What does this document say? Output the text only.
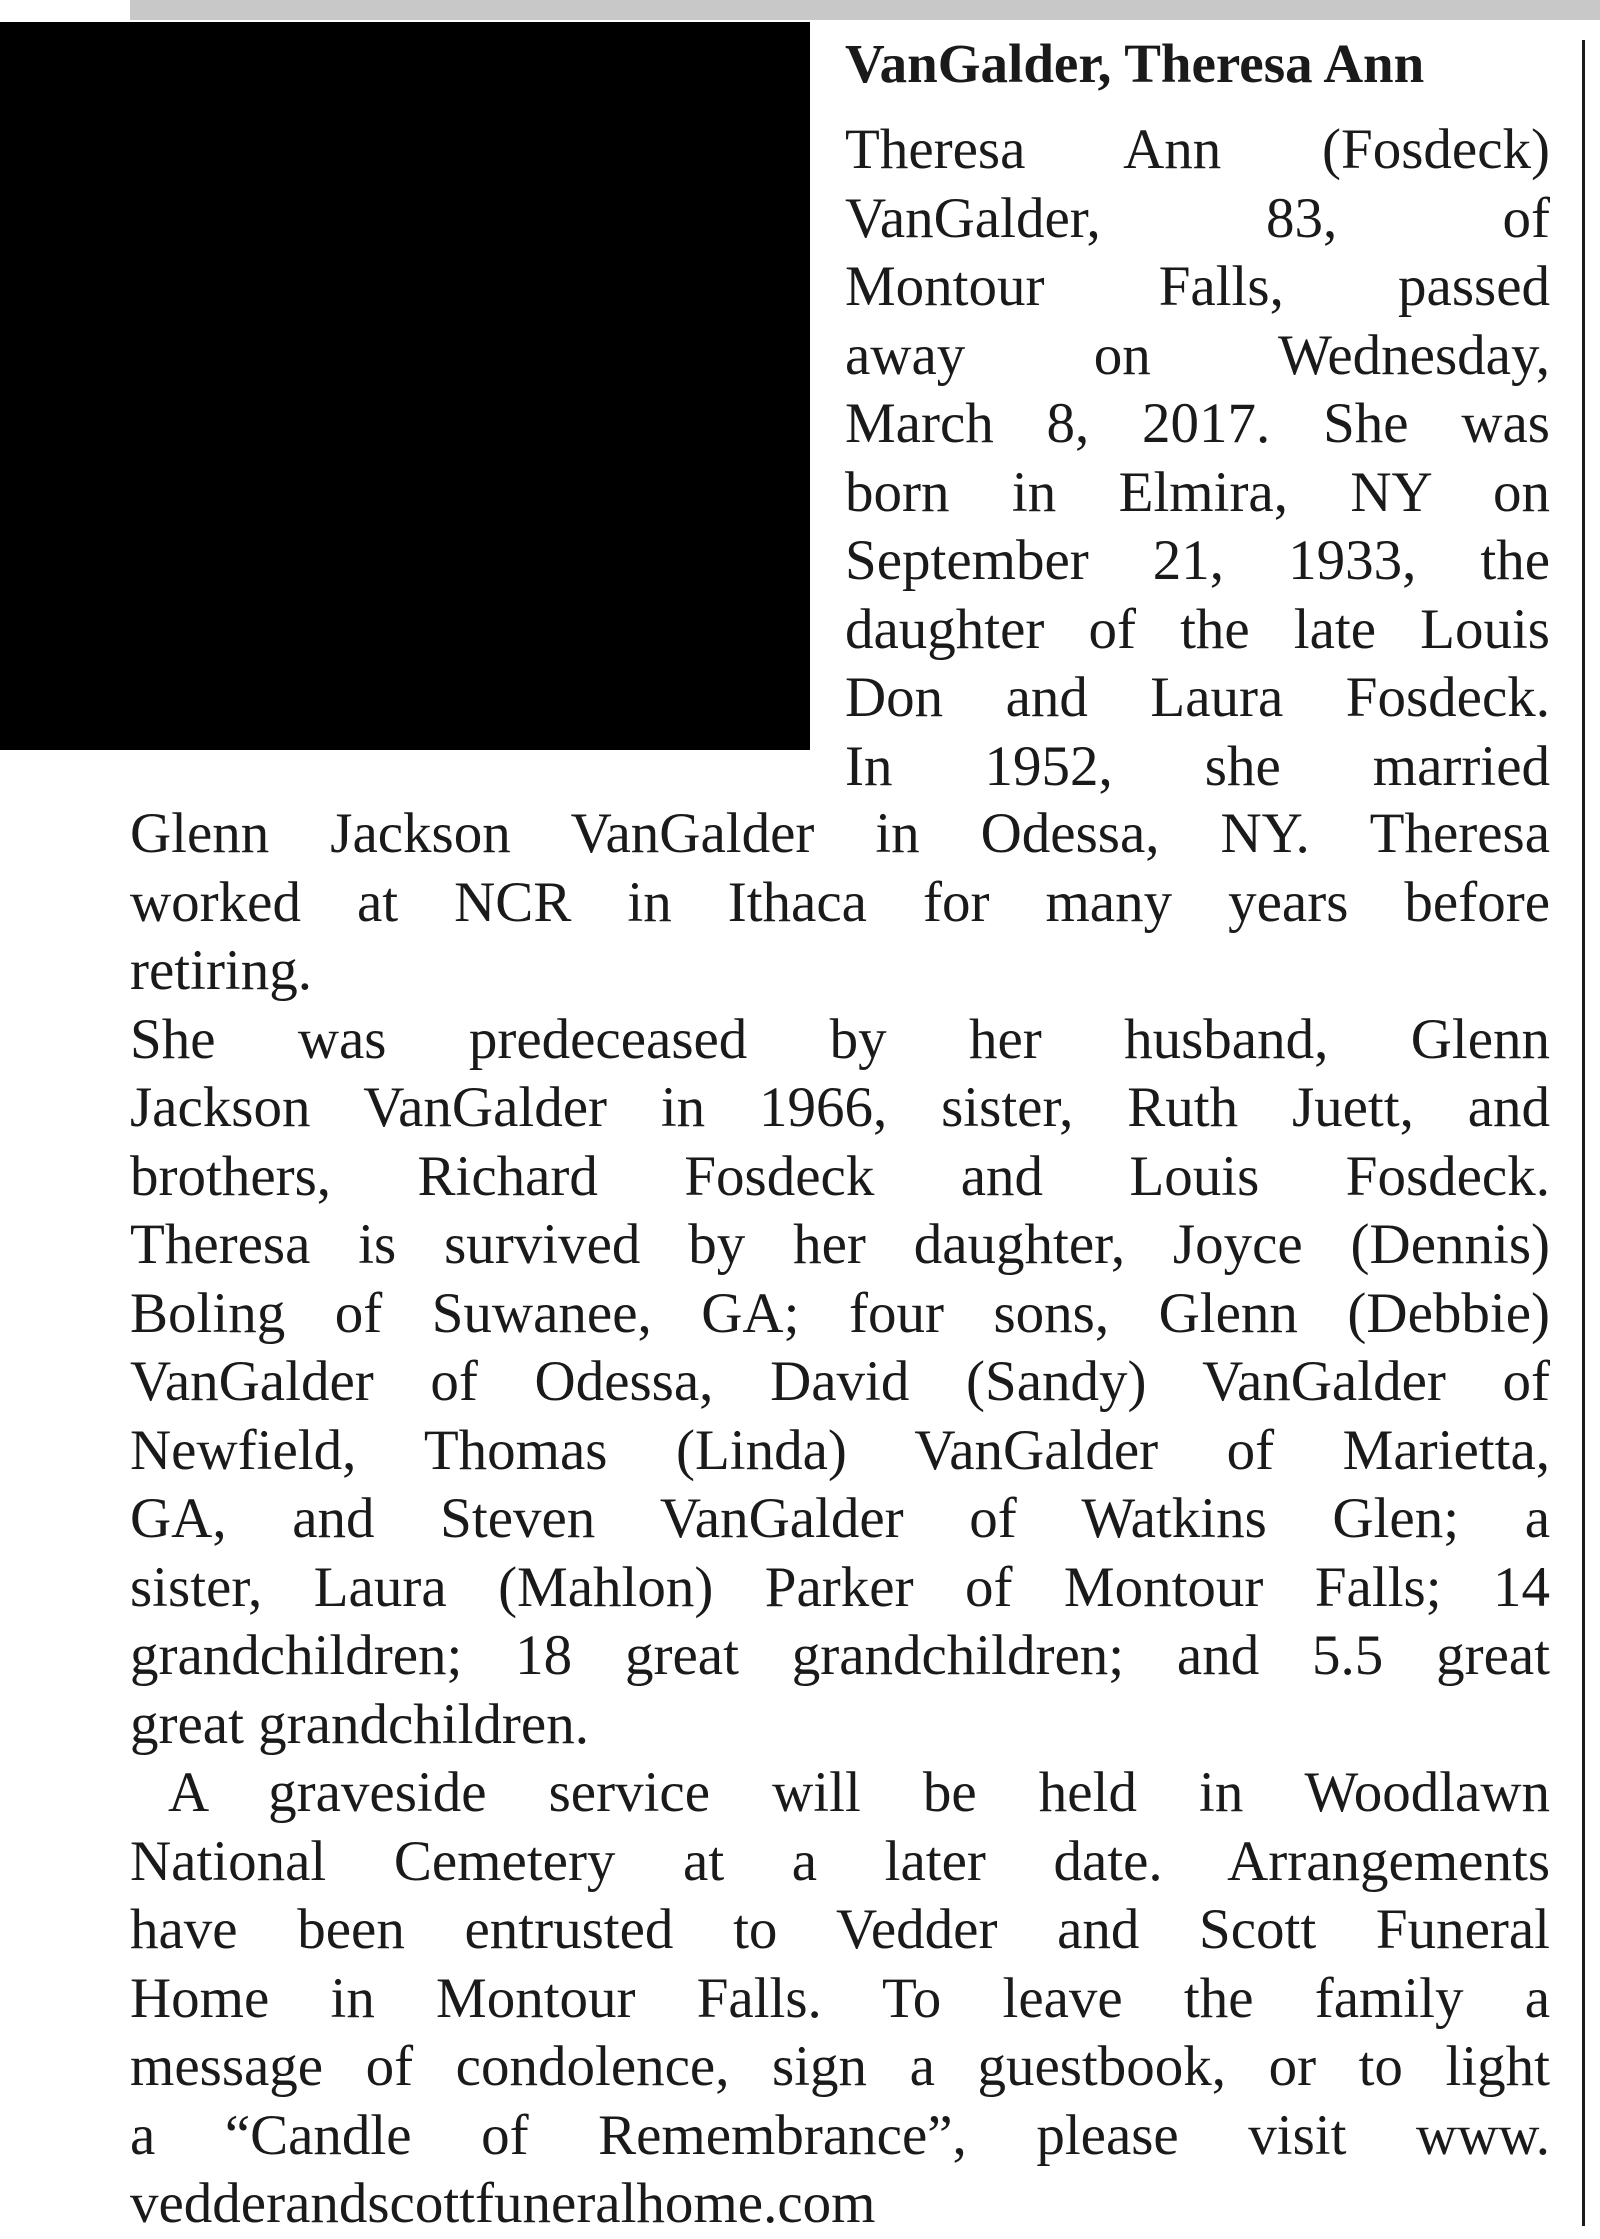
VanGalder, Theresa Ann
Theresa Ann (Fosdeck)
VanGalder, 83, of
Montour Falls, passed
away on Wednesday,
March 8, 2017. She was
born in Elmira, NY on
September 21, 1933, the
daughter of the late Louis
Don and Laura Fosdeck.
In 1952, she married
Glenn Jackson VanGalder in Odessa, NY. Theresa
worked at NCR in Ithaca for many years before
retiring.
She was predeceased by her husband, Glenn
Jackson VanGalder in 1966, sister, Ruth Juett, and
brothers, Richard Fosdeck and Louis Fosdeck.
Theresa is survived by her daughter, Joyce (Dennis)
Boling of Suwanee, GA; four sons, Glenn (Debbie)
VanGalder of Odessa, David (Sandy) VanGalder of
Newfield, Thomas (Linda) VanGalder of Marietta,
GA, and Steven VanGalder of Watkins Glen; a
sister, Laura (Mahlon) Parker of Montour Falls; 14
grandchildren; 18 great grandchildren; and 5.5 great
great grandchildren.
A graveside service will be held in Woodlawn
National Cemetery at a later date. Arrangements
have been entrusted to Vedder and Scott Funeral
Home in Montour Falls. To leave the family a
message of condolence, sign a guestbook, or to light
a “Candle of Remembrance”, please visit www.
vedderandscottfuneralhome.com
